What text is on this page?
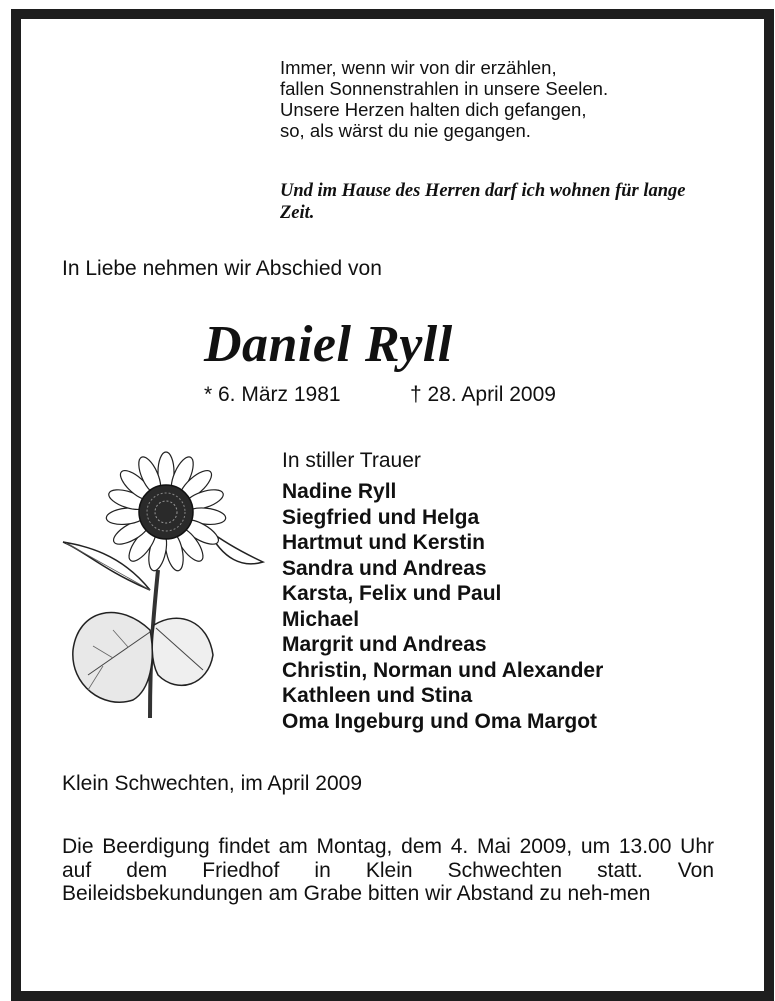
Immer, wenn wir von dir erzählen,
fallen Sonnenstrahlen in unsere Seelen.
Unsere Herzen halten dich gefangen,
so, als wärst du nie gegangen.
Und im Hause des Herren darf ich wohnen für lange Zeit.
In Liebe nehmen wir Abschied von
Daniel Ryll
* 6. März 1981	† 28. April 2009
In stiller Trauer
Nadine Ryll
Siegfried und Helga
Hartmut und Kerstin
Sandra und Andreas
Karsta, Felix und Paul
Michael
Margrit und Andreas
Christin, Norman und Alexander
Kathleen und Stina
Oma Ingeburg und Oma Margot
Klein Schwechten, im April 2009
Die Beerdigung findet am Montag, dem 4. Mai 2009, um 13.00 Uhr auf dem Friedhof in Klein Schwechten statt. Von Beileidsbekundungen am Grabe bitten wir Abstand zu neh-men
